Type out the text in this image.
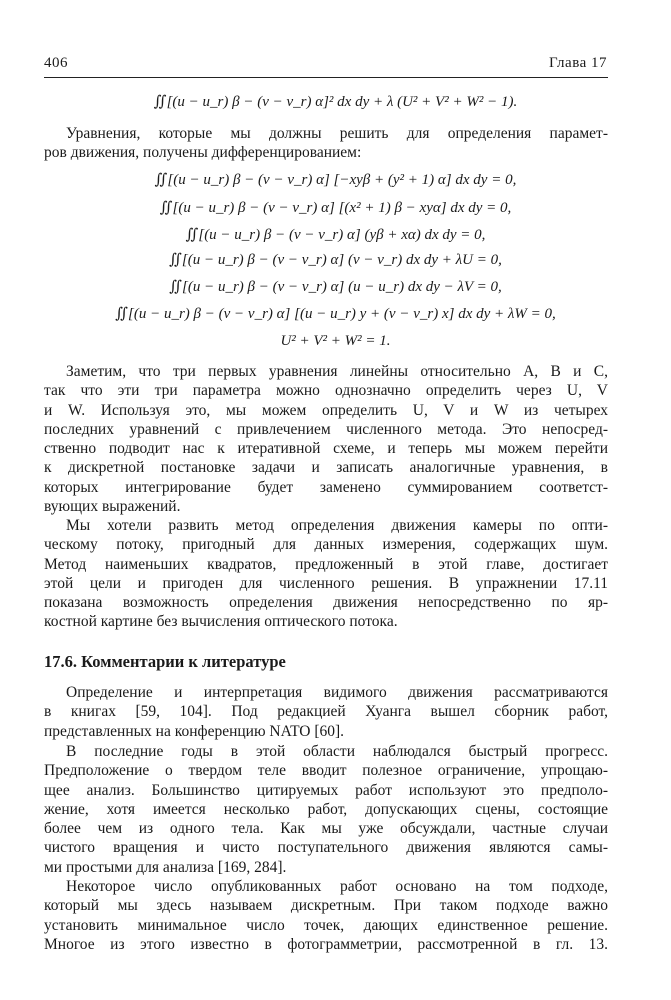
406	Глава 17
∬[(u − u_r) β − (v − v_r) α]² dx dy + λ (U² + V² + W² − 1).
Уравнения, которые мы должны решить для определения парамет-
ров движения, получены дифференцированием:
∬[(u − u_r) β − (v − v_r) α] [−xyβ + (y² + 1) α] dx dy = 0,
∬[(u − u_r) β − (v − v_r) α] [(x² + 1) β − xyα] dx dy = 0,
∬[(u − u_r) β − (v − v_r) α] (yβ + xα) dx dy = 0,
∬[(u − u_r) β − (v − v_r) α] (v − v_r) dx dy + λU = 0,
∬[(u − u_r) β − (v − v_r) α] (u − u_r) dx dy − λV = 0,
∬[(u − u_r) β − (v − v_r) α] [(u − u_r) y + (v − v_r) x] dx dy + λW = 0,
U² + V² + W² = 1.
Заметим, что три первых уравнения линейны относительно A, B и C,
так что эти три параметра можно однозначно определить через U, V
и W. Используя это, мы можем определить U, V и W из четырех
последних уравнений с привлечением численного метода. Это непосред-
ственно подводит нас к итеративной схеме, и теперь мы можем перейти
к дискретной постановке задачи и записать аналогичные уравнения, в
которых интегрирование будет заменено суммированием соответст-
вующих выражений.
Мы хотели развить метод определения движения камеры по опти-
ческому потоку, пригодный для данных измерения, содержащих шум.
Метод наименьших квадратов, предложенный в этой главе, достигает
этой цели и пригоден для численного решения. В упражнении 17.11
показана возможность определения движения непосредственно по яр-
костной картине без вычисления оптического потока.
17.6. Комментарии к литературе
Определение и интерпретация видимого движения рассматриваются
в книгах [59, 104]. Под редакцией Хуанга вышел сборник работ,
представленных на конференцию NATO [60].
В последние годы в этой области наблюдался быстрый прогресс.
Предположение о твердом теле вводит полезное ограничение, упрощаю-
щее анализ. Большинство цитируемых работ используют это предполо-
жение, хотя имеется несколько работ, допускающих сцены, состоящие
более чем из одного тела. Как мы уже обсуждали, частные случаи
чистого вращения и чисто поступательного движения являются самы-
ми простыми для анализа [169, 284].
Некоторое число опубликованных работ основано на том подходе,
который мы здесь называем дискретным. При таком подходе важно
установить минимальное число точек, дающих единственное решение.
Многое из этого известно в фотограмметрии, рассмотренной в гл. 13.
